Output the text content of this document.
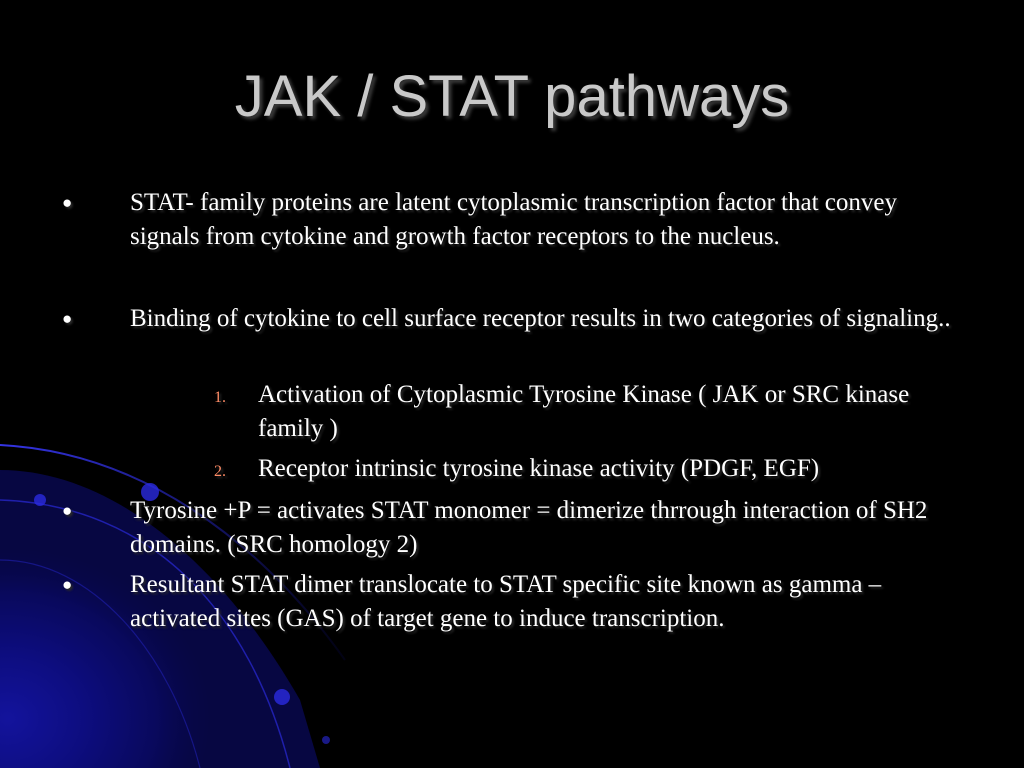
JAK / STAT pathways
● STAT- family proteins are latent cytoplasmic transcription factor that convey signals from cytokine and growth factor receptors to the nucleus.
● Binding of cytokine to cell surface receptor results in two categories of signaling..
1. Activation of Cytoplasmic Tyrosine Kinase ( JAK or SRC kinase family )
2. Receptor intrinsic tyrosine kinase activity (PDGF, EGF)
● Tyrosine +P = activates STAT monomer = dimerize thrrough interaction of SH2 domains. (SRC homology 2)
● Resultant STAT dimer translocate to STAT specific site known as gamma – activated sites (GAS) of target gene to induce transcription.
